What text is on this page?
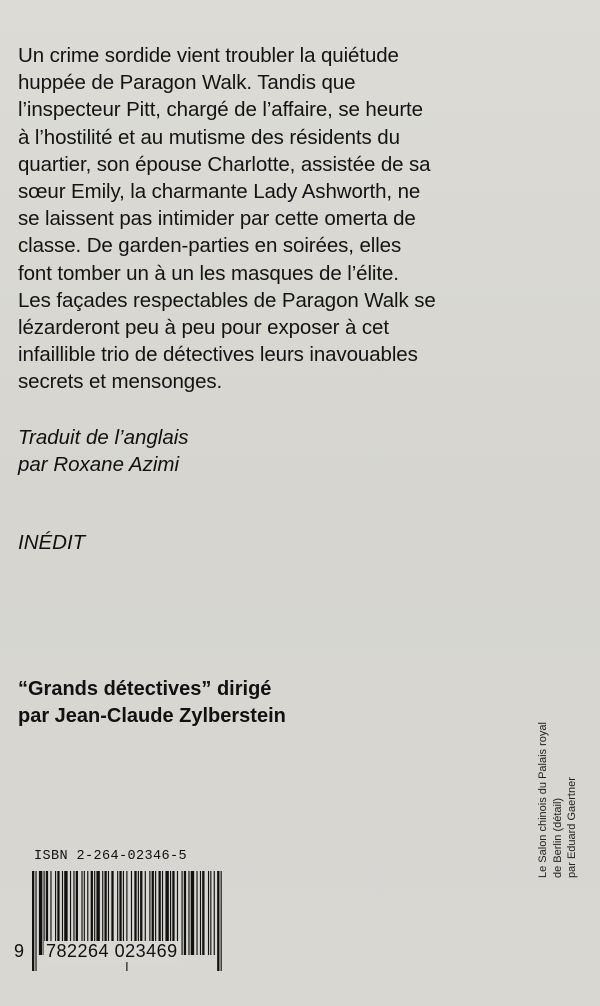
Un crime sordide vient troubler la quiétude

huppée de Paragon Walk. Tandis que

l’inspecteur Pitt, chargé de l’affaire, se heurte

à l’hostilité et au mutisme des résidents du

quartier, son épouse Charlotte, assistée de sa

sœur Emily, la charmante Lady Ashworth, ne

se laissent pas intimider par cette omerta de

classe. De garden-parties en soirées, elles

font tomber un à un les masques de l’élite.

Les façades respectables de Paragon Walk se

lézarderont peu à peu pour exposer à cet

infaillible trio de détectives leurs inavouables

secrets et mensonges.

Traduit de l’anglais

par Roxane Azimi

INÉDIT

“Grands détectives” dirigé

par Jean-Claude Zylberstein

Le Salon chinois du Palais royal de Berlin (détail) par Eduard Gaertner

ISBN 2-264-02346-5
9 782264 023469
